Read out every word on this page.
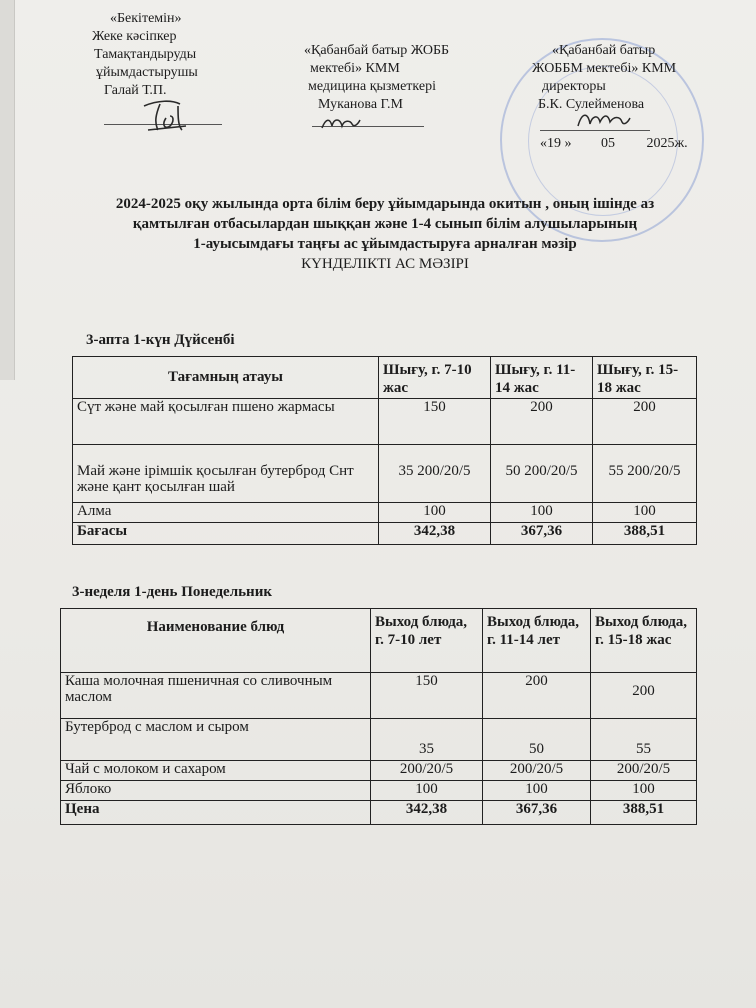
«Бекітемін»
Жеке кәсіпкер
Тамақтандыруды
ұйымдастырушы
Галай Т.П.
«Қабанбай батыр ЖОББ
мектебі» КММ
медицина қызметкері
Муканова Г.М
«Қабанбай батыр
ЖОББМ мектебі» КММ
директоры
Б.К. Сулейменова
«19 » 05 2025ж.
2024-2025 оқу жылында орта білім беру ұйымдарында окитын , оның ішінде аз
қамтылған отбасылардан шыққан және 1-4 сынып білім алушыларының
1-ауысымдағы таңғы ас ұйымдастыруға арналған мәзір
КҮНДЕЛІКТІ АС МӘЗІРІ
3-апта 1-күн Дүйсенбі
Тағамның атауы	Шығу, г. 7-10 жас	Шығу, г. 11-14 жас	Шығу, г. 15-18 жас
Сүт және май қосылған пшено жармасы	150	200	200
Май және ірімшік қосылған бутерброд Снт және қант қосылған шай	35 200/20/5	50 200/20/5	55 200/20/5
Алма	100	100	100
Бағасы	342,38	367,36	388,51
3-неделя 1-день Понедельник
Наименование блюд	Выход блюда, г. 7-10 лет	Выход блюда, г. 11-14 лет	Выход блюда, г. 15-18 жас
Каша молочная пшеничная со сливочным маслом	150	200	200
Бутерброд с маслом и сыром	35	50	55
Чай с молоком и сахаром	200/20/5	200/20/5	200/20/5
Яблоко	100	100	100
Цена	342,38	367,36	388,51
